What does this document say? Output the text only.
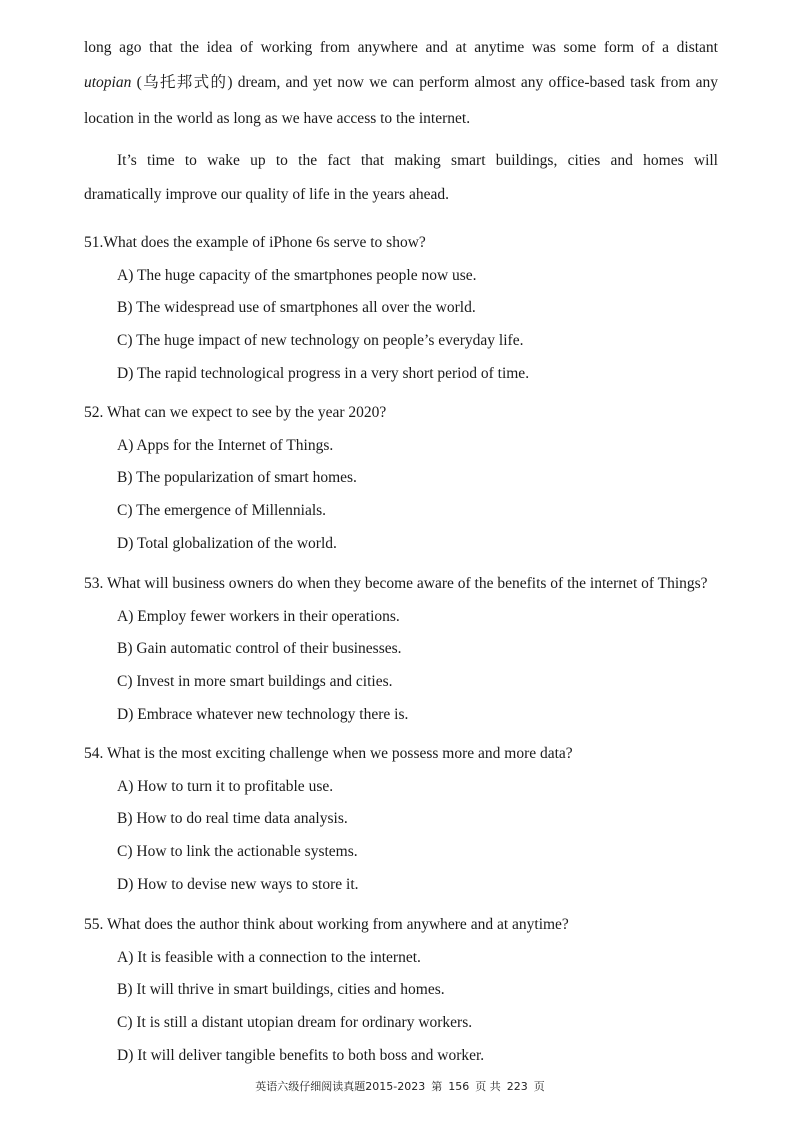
long ago that the idea of working from anywhere and at anytime was some form of a distant
utopian (乌托邦式的) dream, and yet now we can perform almost any office-based task from any
location in the world as long as we have access to the internet.
It’s time to wake up to the fact that making smart buildings, cities and homes will
dramatically improve our quality of life in the years ahead.
51.What does the example of iPhone 6s serve to show?
A) The huge capacity of the smartphones people now use.
B) The widespread use of smartphones all over the world.
C) The huge impact of new technology on people’s everyday life.
D) The rapid technological progress in a very short period of time.
52. What can we expect to see by the year 2020?
A) Apps for the Internet of Things.
B) The popularization of smart homes.
C) The emergence of Millennials.
D) Total globalization of the world.
53. What will business owners do when they become aware of the benefits of the internet of Things?
A) Employ fewer workers in their operations.
B) Gain automatic control of their businesses.
C) Invest in more smart buildings and cities.
D) Embrace whatever new technology there is.
54. What is the most exciting challenge when we possess more and more data?
A) How to turn it to profitable use.
B) How to do real time data analysis.
C) How to link the actionable systems.
D) How to devise new ways to store it.
55. What does the author think about working from anywhere and at anytime?
A) It is feasible with a connection to the internet.
B) It will thrive in smart buildings, cities and homes.
C) It is still a distant utopian dream for ordinary workers.
D) It will deliver tangible benefits to both boss and worker.
英语六级仔细阅读真题2015-2023 第 156 页 共 223 页
